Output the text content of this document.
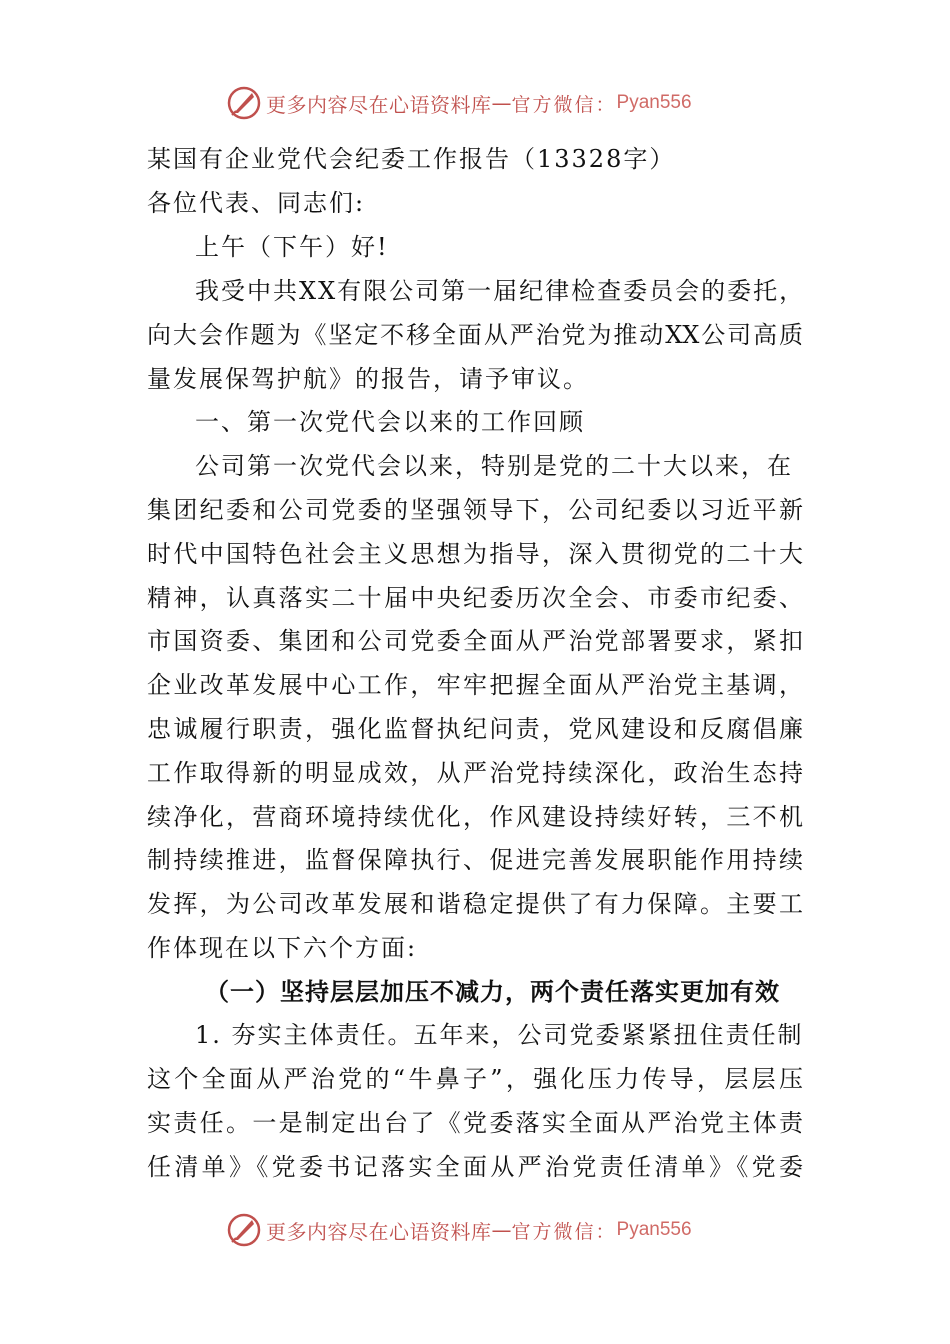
更多内容尽在心语资料库 — 官方微信： Pyan556
某国有企业党代会纪委工作报告（13328字）
各位代表、同志们:
上午（下午）好!
我受中共XX有限公司第一届纪律检查委员会的委托，
向大会作题为《坚定不移全面从严治党为推动XX公司高质
量发展保驾护航》的报告，请予审议。
一、第一次党代会以来的工作回顾
公司第一次党代会以来，特别是党的二十大以来，在
集团纪委和公司党委的坚强领导下，公司纪委以习近平新
时代中国特色社会主义思想为指导，深入贯彻党的二十大
精神，认真落实二十届中央纪委历次全会、市委市纪委、
市国资委、集团和公司党委全面从严治党部署要求，紧扣
企业改革发展中心工作，牢牢把握全面从严治党主基调，
忠诚履行职责，强化监督执纪问责，党风建设和反腐倡廉
工作取得新的明显成效，从严治党持续深化，政治生态持
续净化，营商环境持续优化，作风建设持续好转，三不机
制持续推进，监督保障执行、促进完善发展职能作用持续
发挥，为公司改革发展和谐稳定提供了有力保障。主要工
作体现在以下六个方面:
（一）坚持层层加压不减力，两个责任落实更加有效
1. 夯实主体责任。五年来，公司党委紧紧扭住责任制
这个全面从严治党的“牛鼻子”，强化压力传导，层层压
实责任。一是制定出台了《党委落实全面从严治党主体责
任清单》《党委书记落实全面从严治党责任清单》《党委
更多内容尽在心语资料库 — 官方微信： Pyan556
